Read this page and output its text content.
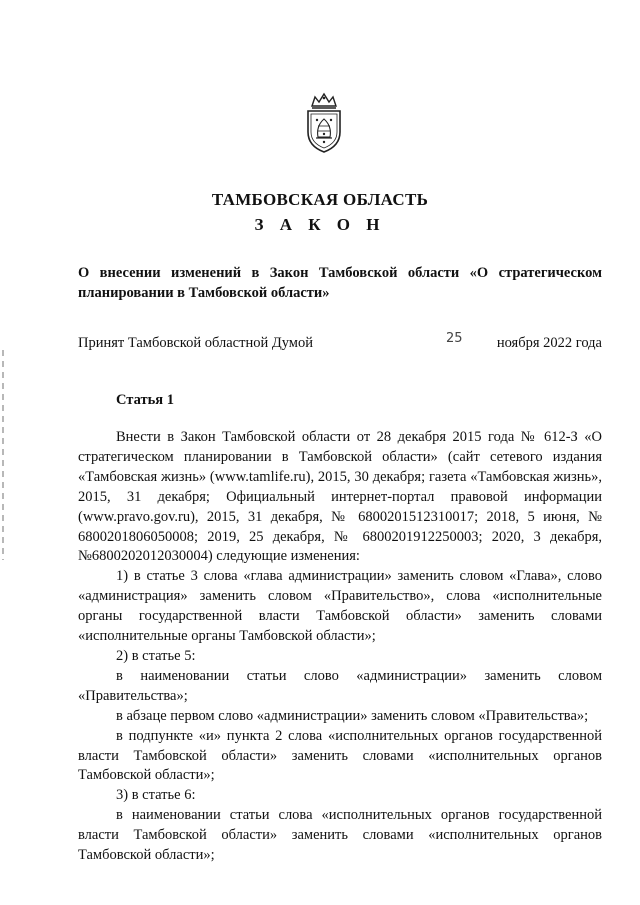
ТАМБОВСКАЯ ОБЛАСТЬ
З А К О Н
О внесении изменений в Закон Тамбовской области «О стратегическом планировании в Тамбовской области»
Принят Тамбовской областной Думой	25 ноября 2022 года
Статья 1

Внести в Закон Тамбовской области от 28 декабря 2015 года № 612-З «О стратегическом планировании в Тамбовской области» (сайт сетевого издания «Тамбовская жизнь» (www.tamlife.ru), 2015, 30 декабря; газета «Тамбовская жизнь», 2015, 31 декабря; Официальный интернет-портал правовой информации (www.pravo.gov.ru), 2015, 31 декабря, № 6800201512310017; 2018, 5 июня, № 6800201806050008; 2019, 25 декабря, № 6800201912250003; 2020, 3 декабря, №6800202012030004) следующие изменения:

1) в статье 3 слова «глава администрации» заменить словом «Глава», слово «администрация» заменить словом «Правительство», слова «исполнительные органы государственной власти Тамбовской области» заменить словами «исполнительные органы Тамбовской области»;

2) в статье 5:

в наименовании статьи слово «администрации» заменить словом «Правительства»;

в абзаце первом слово «администрации» заменить словом «Правительства»;

в подпункте «и» пункта 2 слова «исполнительных органов государственной власти Тамбовской области» заменить словами «исполнительных органов Тамбовской области»;

3) в статье 6:

в наименовании статьи слова «исполнительных органов государственной власти Тамбовской области» заменить словами «исполнительных органов Тамбовской области»;
